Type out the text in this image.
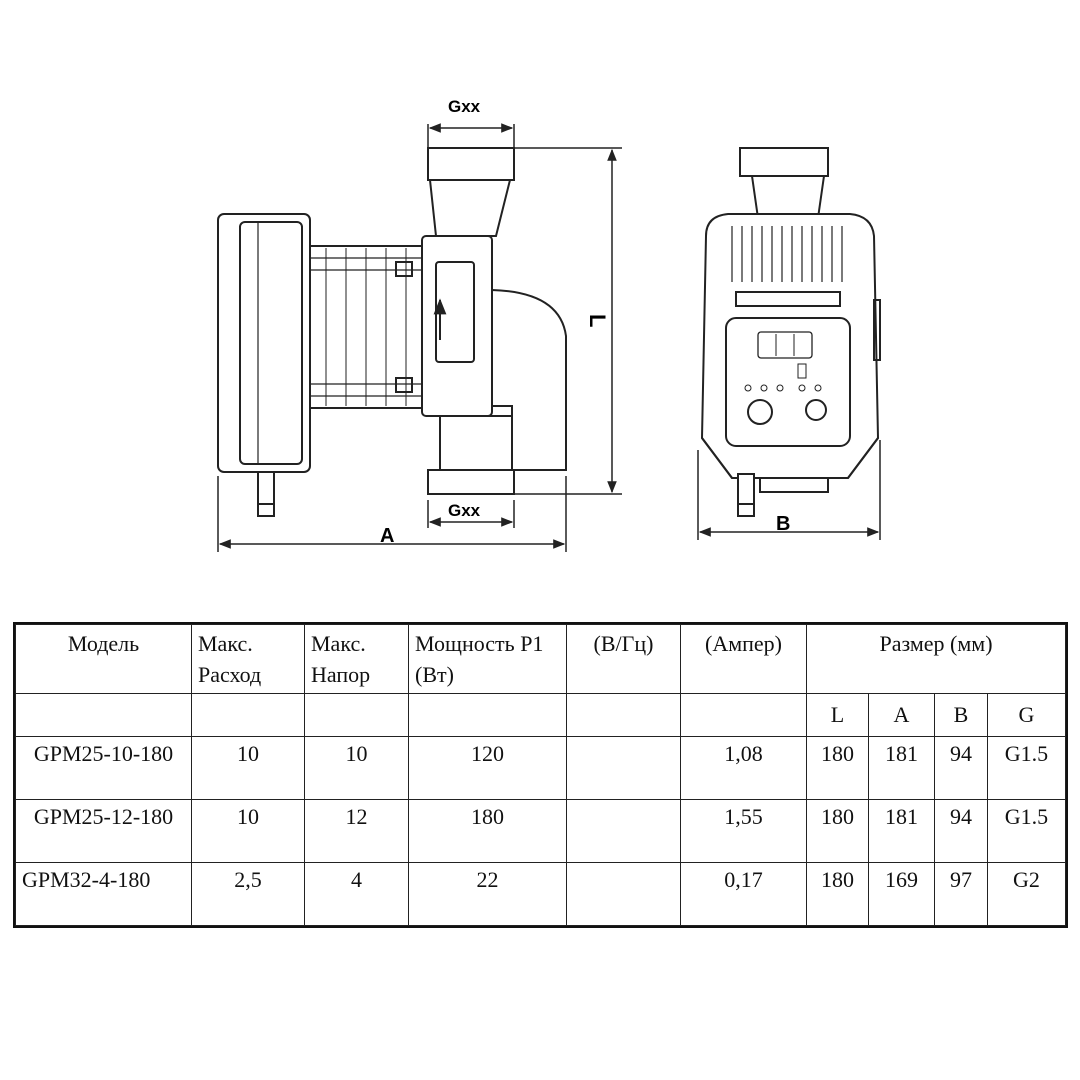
Gxx
Gxx
L
A
B
Модель	Макс. Расход	Макс. Напор	Мощность P1 (Вт)	(В/Гц)	(Ампер)	Размер (мм)			
						L	A	B	G
GPM25-10-180	10	10	120		1,08	180	181	94	G1.5
GPM25-12-180	10	12	180		1,55	180	181	94	G1.5
GPM32-4-180	2,5	4	22		0,17	180	169	97	G2
